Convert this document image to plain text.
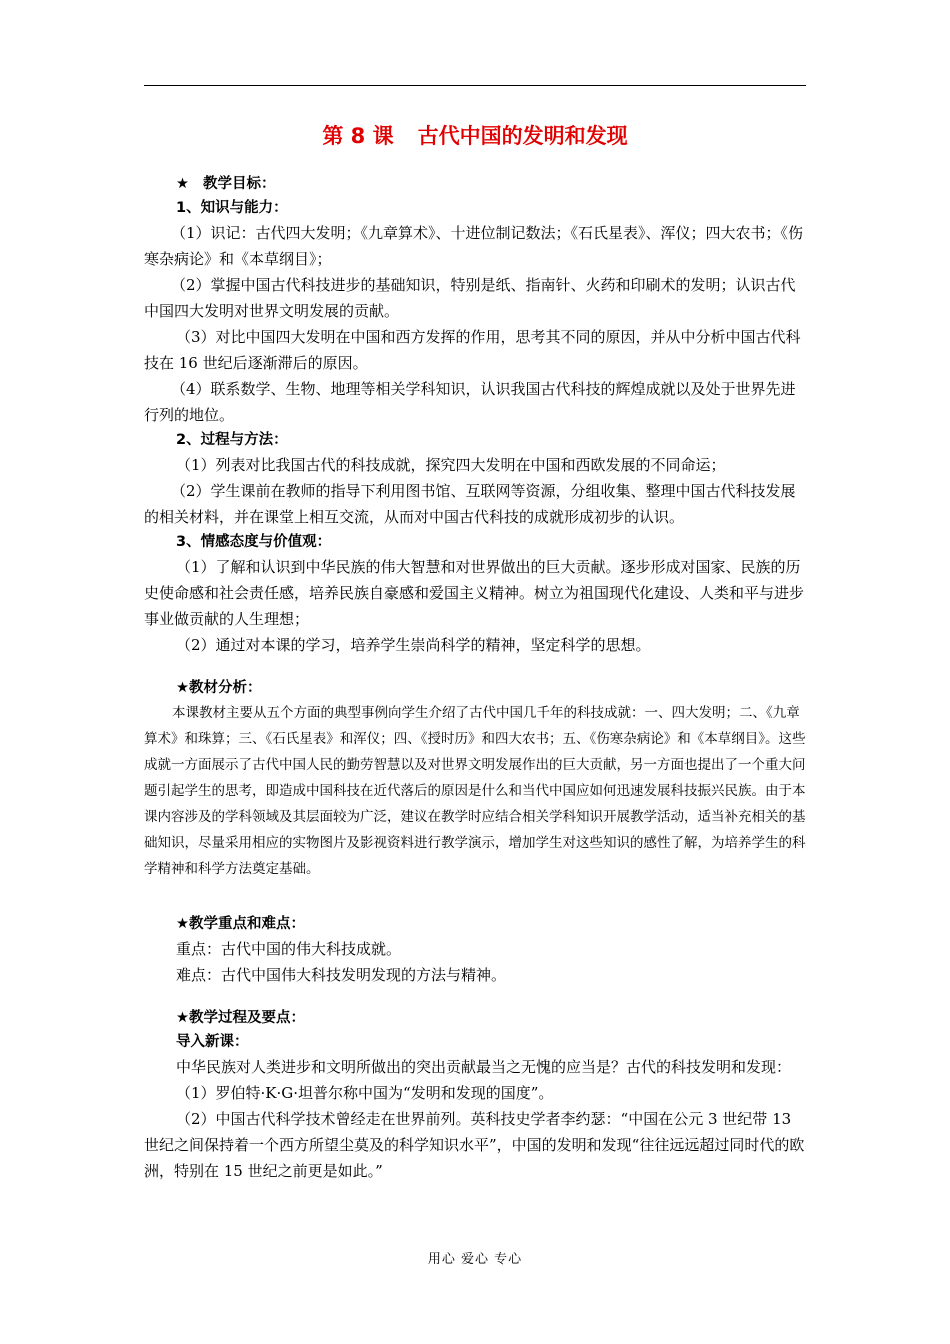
第 8 课 古代中国的发明和发现
★ 教学目标：
1、知识与能力：
（1）识记：古代四大发明；《九章算术》、十进位制记数法；《石氏星表》、浑仪；四大农书；《伤寒杂病论》和《本草纲目》；
（2）掌握中国古代科技进步的基础知识，特别是纸、指南针、火药和印刷术的发明；认识古代中国四大发明对世界文明发展的贡献。
（3）对比中国四大发明在中国和西方发挥的作用，思考其不同的原因，并从中分析中国古代科技在 16 世纪后逐渐滞后的原因。
（4）联系数学、生物、地理等相关学科知识，认识我国古代科技的辉煌成就以及处于世界先进行列的地位。
2、过程与方法：
（1）列表对比我国古代的科技成就，探究四大发明在中国和西欧发展的不同命运；
（2）学生课前在教师的指导下利用图书馆、互联网等资源，分组收集、整理中国古代科技发展的相关材料，并在课堂上相互交流，从而对中国古代科技的成就形成初步的认识。
3、情感态度与价值观：
（1）了解和认识到中华民族的伟大智慧和对世界做出的巨大贡献。逐步形成对国家、民族的历史使命感和社会责任感，培养民族自豪感和爱国主义精神。树立为祖国现代化建设、人类和平与进步事业做贡献的人生理想；
（2）通过对本课的学习，培养学生崇尚科学的精神，坚定科学的思想。
★教材分析：
本课教材主要从五个方面的典型事例向学生介绍了古代中国几千年的科技成就：一、四大发明；二、《九章算术》和珠算；三、《石氏星表》和浑仪；四、《授时历》和四大农书；五、《伤寒杂病论》和《本草纲目》。这些成就一方面展示了古代中国人民的勤劳智慧以及对世界文明发展作出的巨大贡献，另一方面也提出了一个重大问题引起学生的思考，即造成中国科技在近代落后的原因是什么和当代中国应如何迅速发展科技振兴民族。由于本课内容涉及的学科领域及其层面较为广泛，建议在教学时应结合相关学科知识开展教学活动，适当补充相关的基础知识，尽量采用相应的实物图片及影视资料进行教学演示，增加学生对这些知识的感性了解，为培养学生的科学精神和科学方法奠定基础。
★教学重点和难点：
重点：古代中国的伟大科技成就。
难点：古代中国伟大科技发明发现的方法与精神。
★教学过程及要点：
导入新课：
中华民族对人类进步和文明所做出的突出贡献最当之无愧的应当是？古代的科技发明和发现：
（1）罗伯特·K·G·坦普尔称中国为“发明和发现的国度”。
（2）中国古代科学技术曾经走在世界前列。英科技史学者李约瑟：“中国在公元 3 世纪带 13 世纪之间保持着一个西方所望尘莫及的科学知识水平”，中国的发明和发现“往往远远超过同时代的欧洲，特别在 15 世纪之前更是如此。”
用心 爱心 专心
